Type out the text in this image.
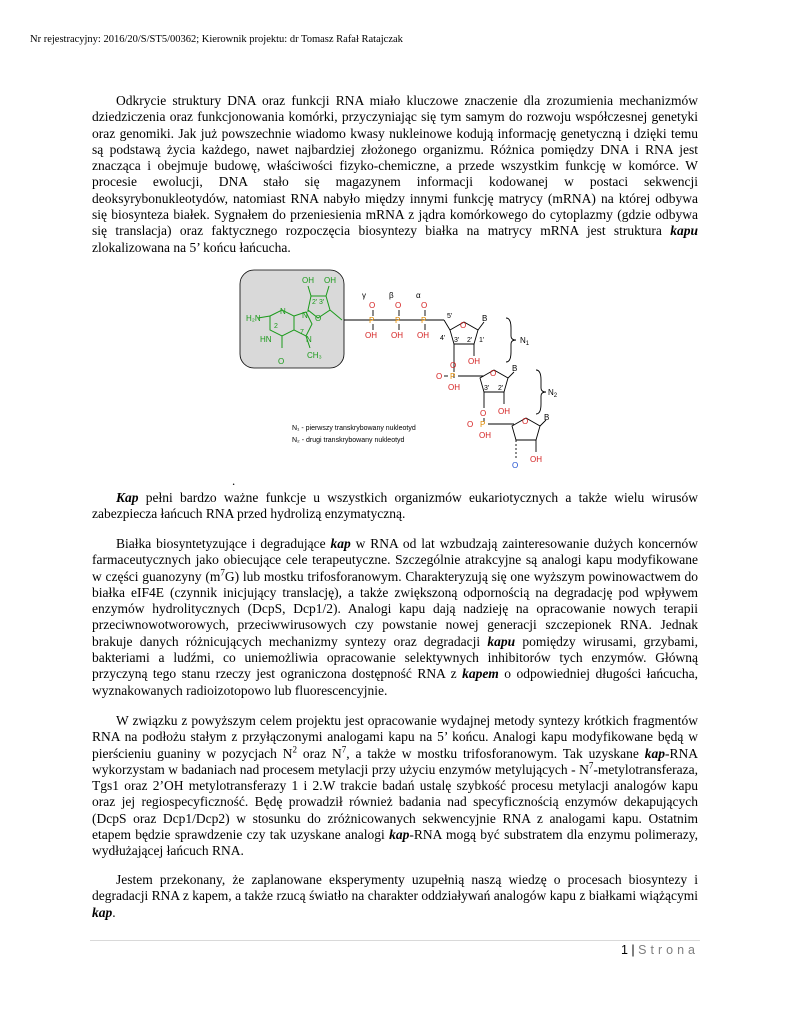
Nr rejestracyjny: 2016/20/S/ST5/00362; Kierownik projektu: dr Tomasz Rafał Ratajczak

Odkrycie struktury DNA oraz funkcji RNA miało kluczowe znaczenie dla zrozumienia mechanizmów dziedziczenia oraz funkcjonowania komórki, przyczyniając się tym samym do rozwoju współczesnej genetyki oraz genomiki. Jak już powszechnie wiadomo kwasy nukleinowe kodują informację genetyczną i dzięki temu są podstawą życia każdego, nawet najbardziej złożonego organizmu. Różnica pomiędzy DNA i RNA jest znacząca i obejmuje budowę, właściwości fizyko-chemiczne, a przede wszystkim funkcję w komórce. W procesie ewolucji, DNA stało się magazynem informacji kodowanej w postaci sekwencji deoksyrybonukleotydów, natomiast RNA nabyło między innymi funkcję matrycy (mRNA) na której odbywa się biosynteza białek. Sygnałem do przeniesienia mRNA z jądra komórkowego do cytoplazmy (gdzie odbywa się translacja) oraz faktycznego rozpoczęcia biosyntezy białka na matrycy mRNA jest struktura kapu zlokalizowana na 5’ końcu łańcucha.

OH OH
2' 3'
H₂N
HN
2
7
N N
N
O
CH₃
O
γ	β	α
P	P	P
O O O
OH OH OH
5'
O
B
4' 3' 2' 1'
OH
O
$N_1$
O P
OH
O
B
3' 2'
OH
O
$N_2$
O P
OH
O B
OH
O
N₁ - pierwszy transkrybowany nukleotyd
N₂ - drugi transkrybowany nukleotyd
.

Kap pełni bardzo ważne funkcje u wszystkich organizmów eukariotycznych a także wielu wirusów zabezpiecza łańcuch RNA przed hydrolizą enzymatyczną.

Białka biosyntetyzujące i degradujące kap w RNA od lat wzbudzają zainteresowanie dużych koncernów farmaceutycznych jako obiecujące cele terapeutyczne. Szczególnie atrakcyjne są analogi kapu modyfikowane w części guanozyny $(m^7G)$ lub mostku trifosforanowym. Charakteryzują się one wyższym powinowactwem do białka eIF4E (czynnik inicjujący translację), a także zwiększoną odpornością na degradację pod wpływem enzymów hydrolitycznych (DcpS, Dcp1/2). Analogi kapu dają nadzieję na opracowanie nowych terapii przeciwnowotworowych, przeciwwirusowych czy powstanie nowej generacji szczepionek RNA. Jednak brakuje danych różnicujących mechanizmy syntezy oraz degradacji kapu pomiędzy wirusami, grzybami, bakteriami a ludźmi, co uniemożliwia opracowanie selektywnych inhibitorów tych enzymów. Główną przyczyną tego stanu rzeczy jest ograniczona dostępność RNA z kapem o odpowiedniej długości łańcucha, wyznakowanych radioizotopowo lub fluorescencyjnie.

W związku z powyższym celem projektu jest opracowanie wydajnej metody syntezy krótkich fragmentów RNA na podłożu stałym z przyłączonymi analogami kapu na 5’ końcu. Analogi kapu modyfikowane będą w pierścieniu guaniny w pozycjach $N^2$ oraz $N^7$, a także w mostku trifosforanowym. Tak uzyskane kap-RNA wykorzystam w badaniach nad procesem metylacji przy użyciu enzymów metylujących - $N^7$-metylotransferaza, Tgs1 oraz 2’OH metylotransferazy 1 i 2.W trakcie badań ustalę szybkość procesu metylacji analogów kapu oraz jej regiospecyficzność. Będę prowadził również badania nad specyficznością enzymów dekapujących (DcpS oraz Dcp1/Dcp2) w stosunku do zróżnicowanych sekwencyjnie RNA z analogami kapu. Ostatnim etapem będzie sprawdzenie czy tak uzyskane analogi kap-RNA mogą być substratem dla enzymu polimerazy, wydłużającej łańcuch RNA.

Jestem przekonany, że zaplanowane eksperymenty uzupełnią naszą wiedzę o procesach biosyntezy i degradacji RNA z kapem, a także rzucą światło na charakter oddziaływań analogów kapu z białkami wiążącymi kap.

1 | Strona
